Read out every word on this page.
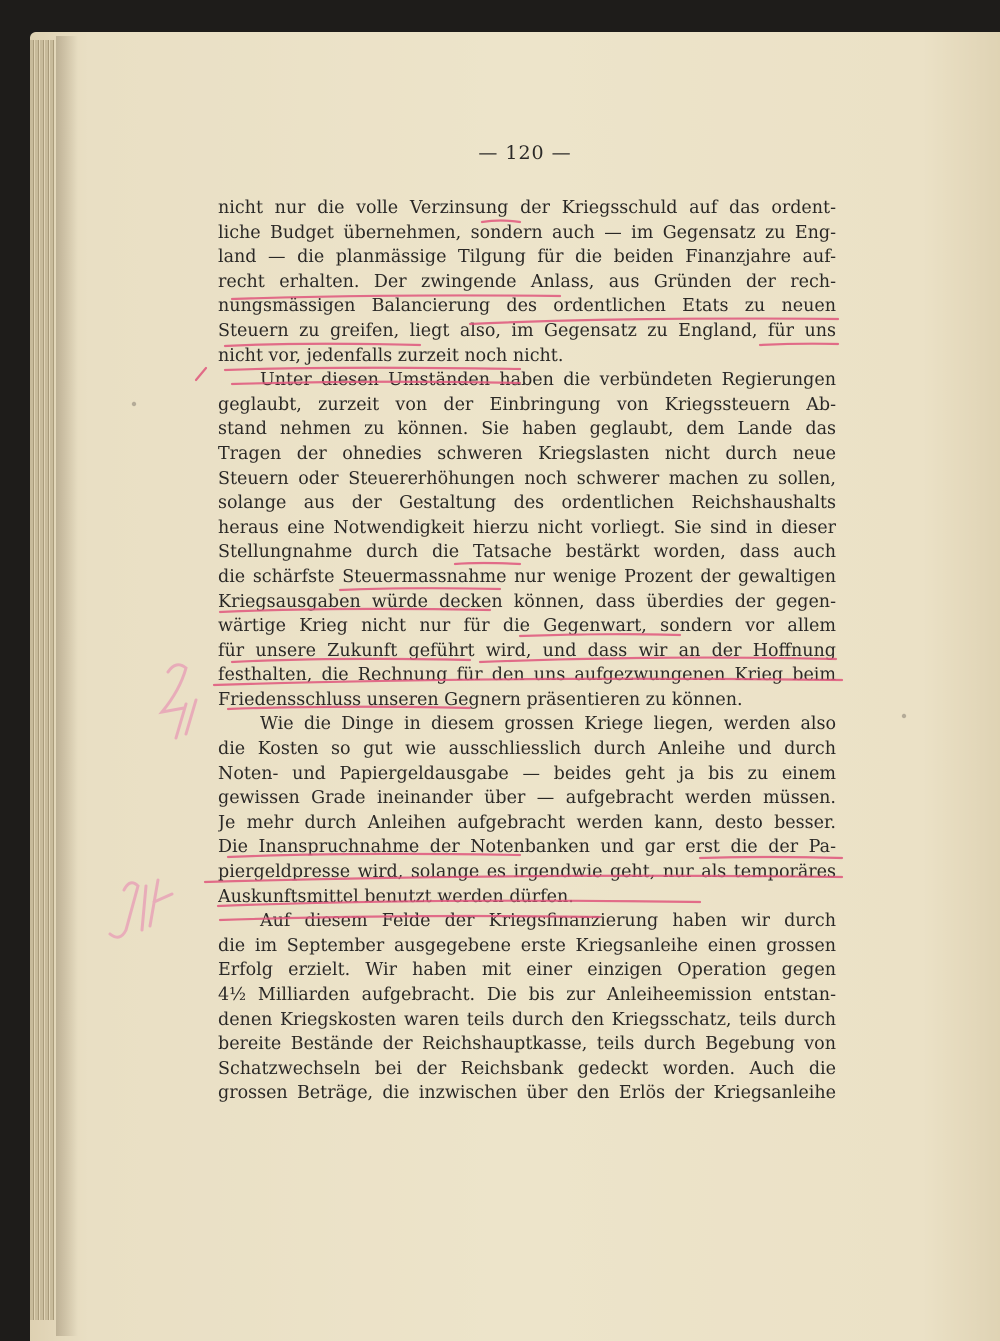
— 120 —
nicht nur die volle Verzinsung der Kriegsschuld auf das ordent-
liche Budget übernehmen, sondern auch — im Gegensatz zu Eng-
land — die planmässige Tilgung für die beiden Finanzjahre auf-
recht erhalten. Der zwingende Anlass, aus Gründen der rech-
nungsmässigen Balancierung des ordentlichen Etats zu neuen
Steuern zu greifen, liegt also, im Gegensatz zu England, für uns
nicht vor, jedenfalls zurzeit noch nicht.
Unter diesen Umständen haben die verbündeten Regierungen
geglaubt, zurzeit von der Einbringung von Kriegssteuern Ab-
stand nehmen zu können. Sie haben geglaubt, dem Lande das
Tragen der ohnedies schweren Kriegslasten nicht durch neue
Steuern oder Steuererhöhungen noch schwerer machen zu sollen,
solange aus der Gestaltung des ordentlichen Reichshaushalts
heraus eine Notwendigkeit hierzu nicht vorliegt. Sie sind in dieser
Stellungnahme durch die Tatsache bestärkt worden, dass auch
die schärfste Steuermassnahme nur wenige Prozent der gewaltigen
Kriegsausgaben würde decken können, dass überdies der gegen-
wärtige Krieg nicht nur für die Gegenwart, sondern vor allem
für unsere Zukunft geführt wird, und dass wir an der Hoffnung
festhalten, die Rechnung für den uns aufgezwungenen Krieg beim
Friedensschluss unseren Gegnern präsentieren zu können.
Wie die Dinge in diesem grossen Kriege liegen, werden also
die Kosten so gut wie ausschliesslich durch Anleihe und durch
Noten- und Papiergeldausgabe — beides geht ja bis zu einem
gewissen Grade ineinander über — aufgebracht werden müssen.
Je mehr durch Anleihen aufgebracht werden kann, desto besser.
Die Inanspruchnahme der Notenbanken und gar erst die der Pa-
piergeldpresse wird, solange es irgendwie geht, nur als temporäres
Auskunftsmittel benutzt werden dürfen.
Auf diesem Felde der Kriegsfinanzierung haben wir durch
die im September ausgegebene erste Kriegsanleihe einen grossen
Erfolg erzielt. Wir haben mit einer einzigen Operation gegen
4½ Milliarden aufgebracht. Die bis zur Anleiheemission entstan-
denen Kriegskosten waren teils durch den Kriegsschatz, teils durch
bereite Bestände der Reichshauptkasse, teils durch Begebung von
Schatzwechseln bei der Reichsbank gedeckt worden. Auch die
grossen Beträge, die inzwischen über den Erlös der Kriegsanleihe
